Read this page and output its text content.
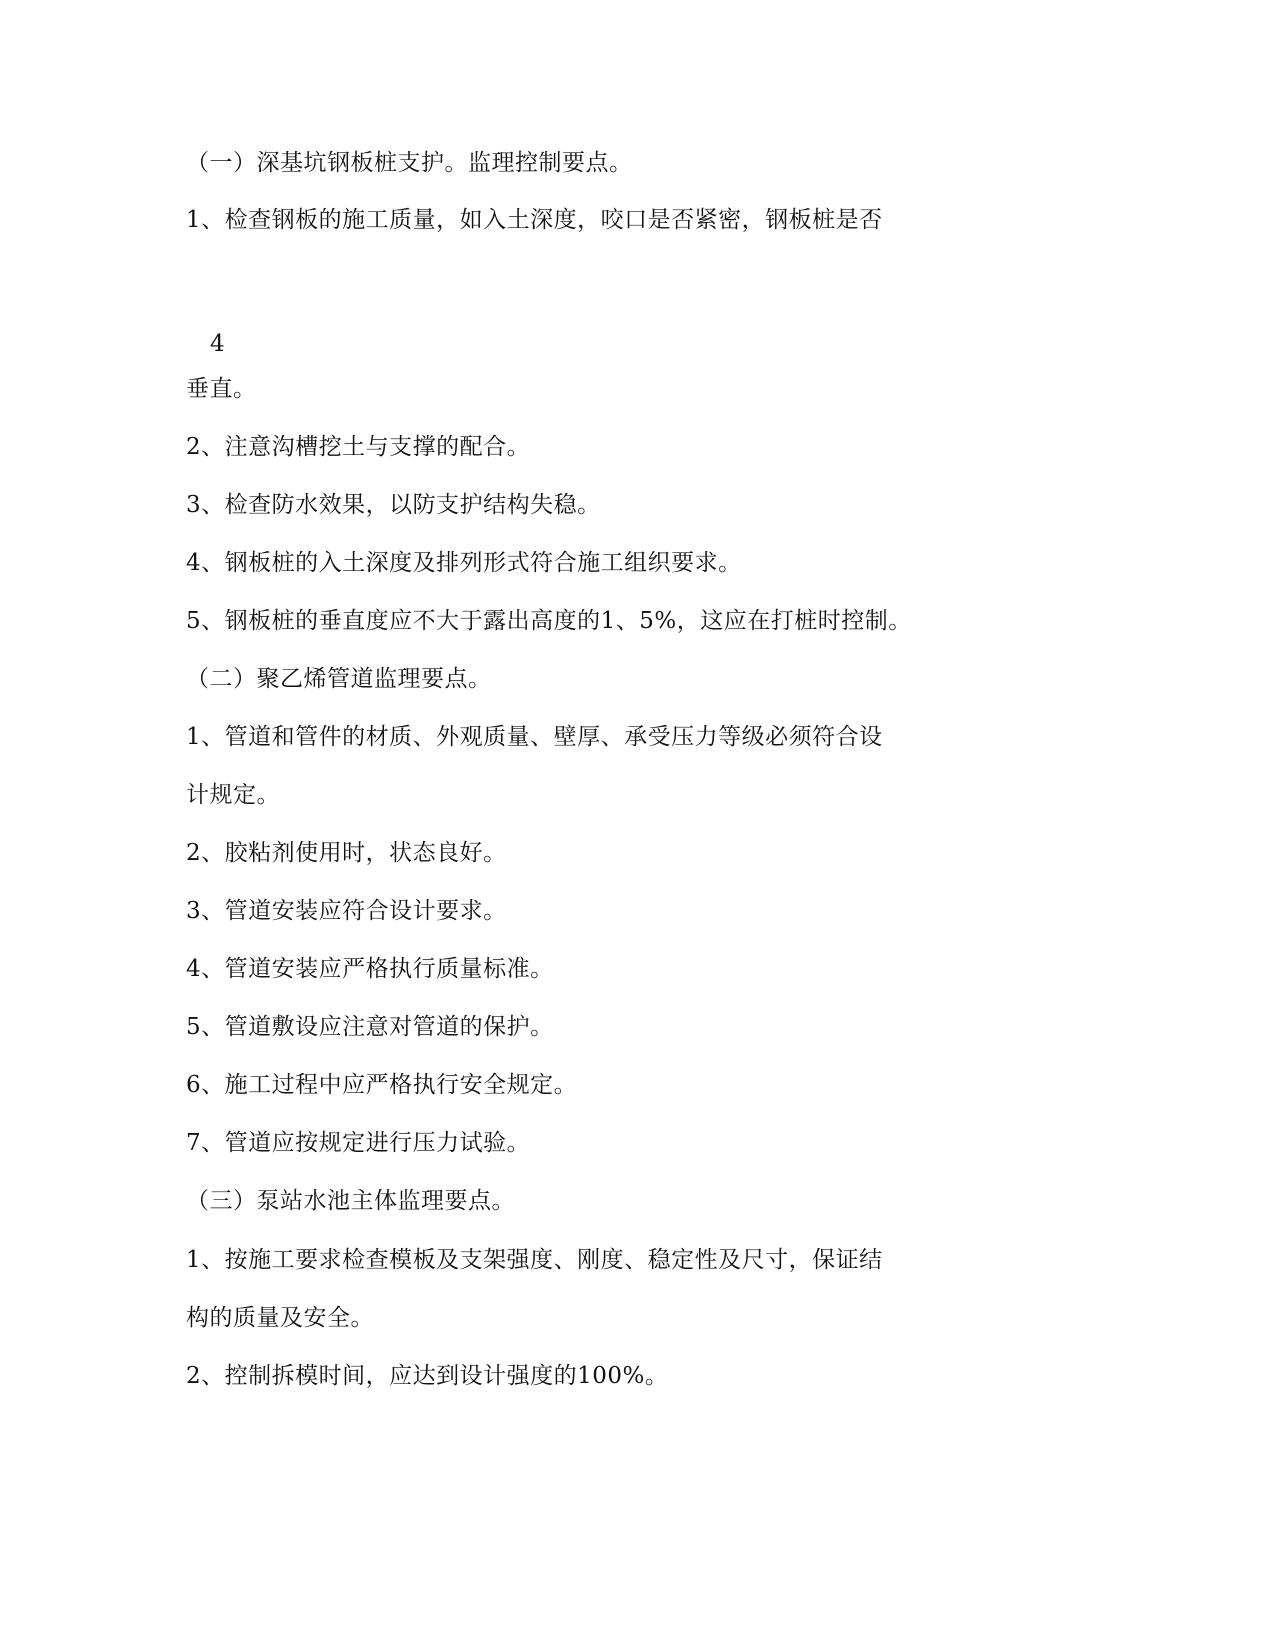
（一）深基坑钢板桩支护。监理控制要点。
1、检查钢板的施工质量，如入土深度，咬口是否紧密，钢板桩是否
4
垂直。
2、注意沟槽挖土与支撑的配合。
3、检查防水效果，以防支护结构失稳。
4、钢板桩的入土深度及排列形式符合施工组织要求。
5、钢板桩的垂直度应不大于露出高度的1、5%，这应在打桩时控制。
（二）聚乙烯管道监理要点。
1、管道和管件的材质、外观质量、壁厚、承受压力等级必须符合设
计规定。
2、胶粘剂使用时，状态良好。
3、管道安装应符合设计要求。
4、管道安装应严格执行质量标准。
5、管道敷设应注意对管道的保护。
6、施工过程中应严格执行安全规定。
7、管道应按规定进行压力试验。
（三）泵站水池主体监理要点。
1、按施工要求检查模板及支架强度、刚度、稳定性及尺寸，保证结
构的质量及安全。
2、控制拆模时间，应达到设计强度的100%。
